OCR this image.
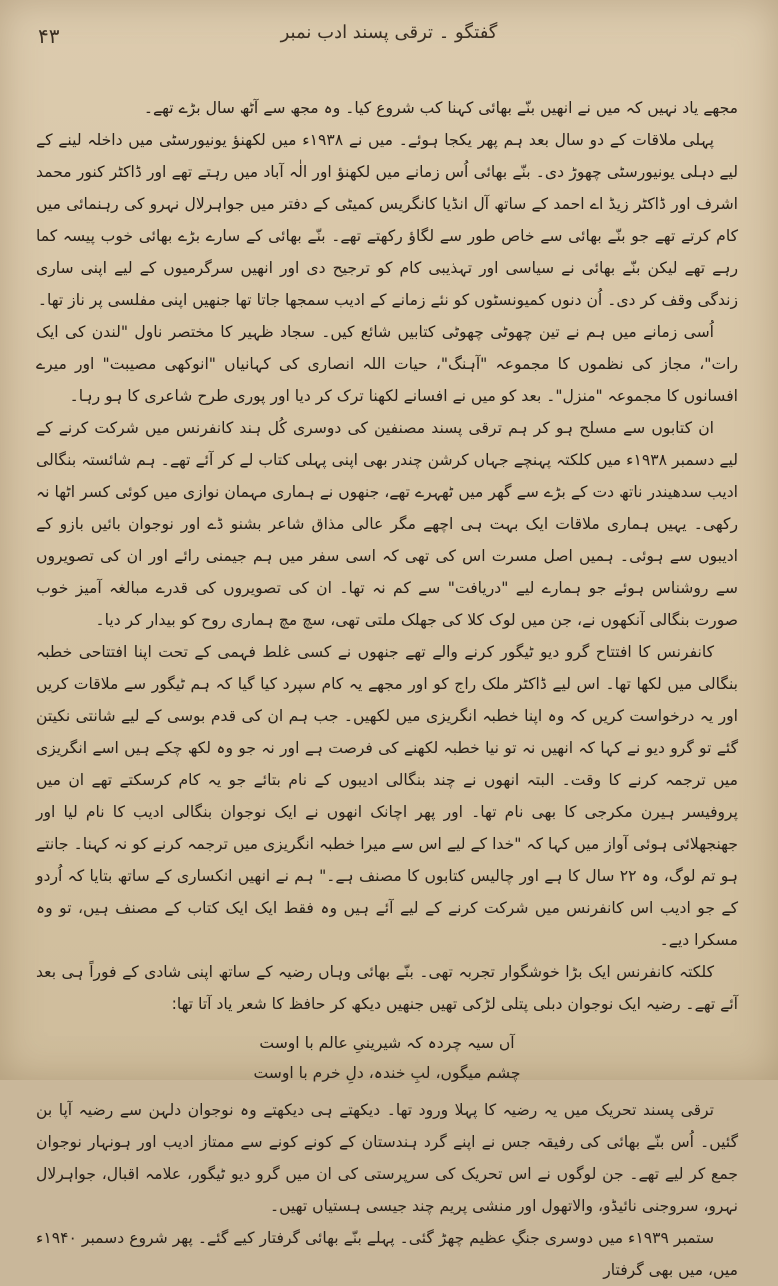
۴۳	گفتگو ۔ ترقی پسند ادب نمبر

مجھے یاد نہیں کہ میں نے انھیں بنّے بھائی کہنا کب شروع کیا۔ وہ مجھ سے آٹھ سال بڑے تھے۔

پہلی ملاقات کے دو سال بعد ہم پھر یکجا ہوئے۔ میں نے ۱۹۳۸ء میں لکھنؤ یونیورسٹی میں داخلہ لینے کے لیے دہلی یونیورسٹی چھوڑ دی۔ بنّے بھائی اُس زمانے میں لکھنؤ اور الٰہ آباد میں رہتے تھے اور ڈاکٹر کنور محمد اشرف اور ڈاکٹر زیڈ اے احمد کے ساتھ آل انڈیا کانگریس کمیٹی کے دفتر میں جواہرلال نہرو کی رہنمائی میں کام کرتے تھے جو بنّے بھائی سے خاص طور سے لگاؤ رکھتے تھے۔ بنّے بھائی کے سارے بڑے بھائی خوب پیسہ کما رہے تھے لیکن بنّے بھائی نے سیاسی اور تہذیبی کام کو ترجیح دی اور انھیں سرگرمیوں کے لیے اپنی ساری زندگی وقف کر دی۔ اُن دنوں کمیونسٹوں کو نئے زمانے کے ادیب سمجھا جاتا تھا جنھیں اپنی مفلسی پر ناز تھا۔

اُسی زمانے میں ہم نے تین چھوٹی چھوٹی کتابیں شائع کیں۔ سجاد ظہیر کا مختصر ناول "لندن کی ایک رات"، مجاز کی نظموں کا مجموعہ "آہنگ"، حیات اللہ انصاری کی کہانیاں "انوکھی مصیبت" اور میرے افسانوں کا مجموعہ "منزل"۔ بعد کو میں نے افسانے لکھنا ترک کر دیا اور پوری طرح شاعری کا ہو رہا۔

ان کتابوں سے مسلح ہو کر ہم ترقی پسند مصنفین کی دوسری کُل ہند کانفرنس میں شرکت کرنے کے لیے دسمبر ۱۹۳۸ء میں کلکتہ پہنچے جہاں کرشن چندر بھی اپنی پہلی کتاب لے کر آئے تھے۔ ہم شائستہ بنگالی ادیب سدھیندر ناتھ دت کے بڑے سے گھر میں ٹھہرے تھے، جنھوں نے ہماری مہمان نوازی میں کوئی کسر اٹھا نہ رکھی۔ یہیں ہماری ملاقات ایک بہت ہی اچھے مگر عالی مذاق شاعر بشنو ڈے اور نوجوان بائیں بازو کے ادیبوں سے ہوئی۔ ہمیں اصل مسرت اس کی تھی کہ اسی سفر میں ہم جیمنی رائے اور ان کی تصویروں سے روشناس ہوئے جو ہمارے لیے "دریافت" سے کم نہ تھا۔ ان کی تصویروں کی قدرے مبالغہ آمیز خوب صورت بنگالی آنکھوں نے، جن میں لوک کلا کی جھلک ملتی تھی، سچ مچ ہماری روح کو بیدار کر دیا۔

کانفرنس کا افتتاح گرو دیو ٹیگور کرنے والے تھے جنھوں نے کسی غلط فہمی کے تحت اپنا افتتاحی خطبہ بنگالی میں لکھا تھا۔ اس لیے ڈاکٹر ملک راج کو اور مجھے یہ کام سپرد کیا گیا کہ ہم ٹیگور سے ملاقات کریں اور یہ درخواست کریں کہ وہ اپنا خطبہ انگریزی میں لکھیں۔ جب ہم ان کی قدم بوسی کے لیے شانتی نکیتن گئے تو گرو دیو نے کہا کہ انھیں نہ تو نیا خطبہ لکھنے کی فرصت ہے اور نہ جو وہ لکھ چکے ہیں اسے انگریزی میں ترجمہ کرنے کا وقت۔ البتہ انھوں نے چند بنگالی ادیبوں کے نام بتائے جو یہ کام کرسکتے تھے ان میں پروفیسر ہیرن مکرجی کا بھی نام تھا۔ اور پھر اچانک انھوں نے ایک نوجوان بنگالی ادیب کا نام لیا اور جھنجھلائی ہوئی آواز میں کہا کہ "خدا کے لیے اس سے میرا خطبہ انگریزی میں ترجمہ کرنے کو نہ کہنا۔ جانتے ہو تم لوگ، وہ ۲۲ سال کا ہے اور چالیس کتابوں کا مصنف ہے۔" ہم نے انھیں انکساری کے ساتھ بتایا کہ اُردو کے جو ادیب اس کانفرنس میں شرکت کرنے کے لیے آئے ہیں وہ فقط ایک ایک کتاب کے مصنف ہیں، تو وہ مسکرا دیے۔

کلکتہ کانفرنس ایک بڑا خوشگوار تجربہ تھی۔ بنّے بھائی وہاں رضیہ کے ساتھ اپنی شادی کے فوراً ہی بعد آئے تھے۔ رضیہ ایک نوجوان دبلی پتلی لڑکی تھیں جنھیں دیکھ کر حافظ کا شعر یاد آتا تھا:

آں سیہ چردہ کہ شیرینیِ عالم با اوست
چشم میگوں، لبِ خندہ، دلِ خرم با اوست

ترقی پسند تحریک میں یہ رضیہ کا پہلا ورود تھا۔ دیکھتے ہی دیکھتے وہ نوجوان دلہن سے رضیہ آپا بن گئیں۔ اُس بنّے بھائی کی رفیقہ جس نے اپنے گرد ہندستان کے کونے کونے سے ممتاز ادیب اور ہونہار نوجوان جمع کر لیے تھے۔ جن لوگوں نے اس تحریک کی سرپرستی کی ان میں گرو دیو ٹیگور، علامہ اقبال، جواہرلال نہرو، سروجنی نائیڈو، والاتھول اور منشی پریم چند جیسی ہستیاں تھیں۔

ستمبر ۱۹۳۹ء میں دوسری جنگِ عظیم چھڑ گئی۔ پہلے بنّے بھائی گرفتار کیے گئے۔ پھر شروع دسمبر ۱۹۴۰ء میں، میں بھی گرفتار
